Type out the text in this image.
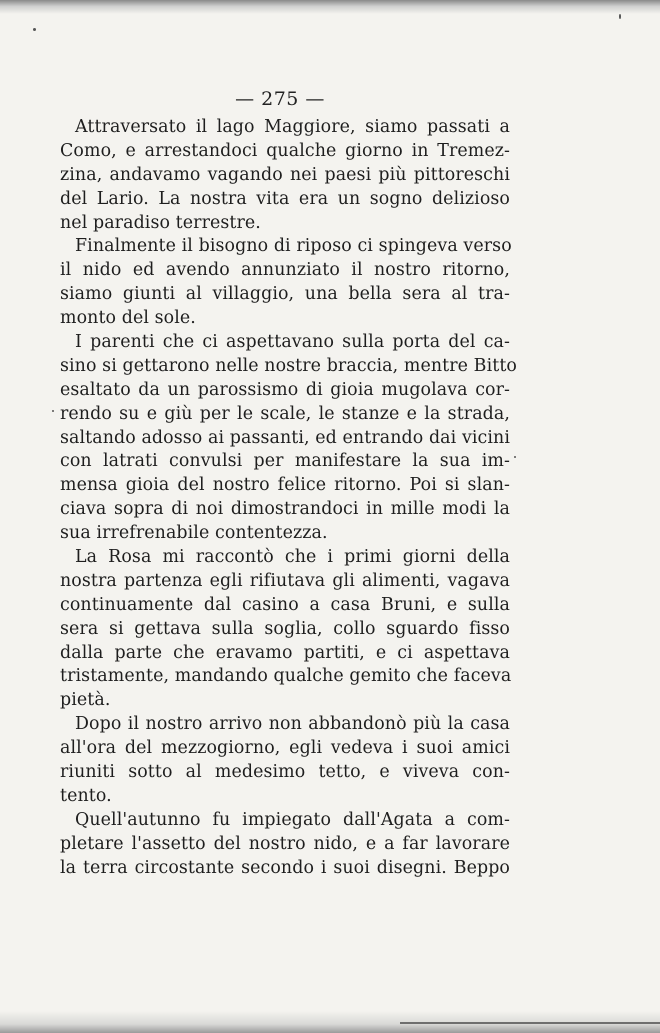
— 275 —
Attraversato il lago Maggiore, siamo passati a
Como, e arrestandoci qualche giorno in Tremez-
zina, andavamo vagando nei paesi più pittoreschi
del Lario. La nostra vita era un sogno delizioso
nel paradiso terrestre.
Finalmente il bisogno di riposo ci spingeva verso
il nido ed avendo annunziato il nostro ritorno,
siamo giunti al villaggio, una bella sera al tra-
monto del sole.
I parenti che ci aspettavano sulla porta del ca-
sino si gettarono nelle nostre braccia, mentre Bitto
esaltato da un parossismo di gioia mugolava cor-
rendo su e giù per le scale, le stanze e la strada,
saltando adosso ai passanti, ed entrando dai vicini
con latrati convulsi per manifestare la sua im-
mensa gioia del nostro felice ritorno. Poi si slan-
ciava sopra di noi dimostrandoci in mille modi la
sua irrefrenabile contentezza.
La Rosa mi raccontò che i primi giorni della
nostra partenza egli rifiutava gli alimenti, vagava
continuamente dal casino a casa Bruni, e sulla
sera si gettava sulla soglia, collo sguardo fisso
dalla parte che eravamo partiti, e ci aspettava
tristamente, mandando qualche gemito che faceva
pietà.
Dopo il nostro arrivo non abbandonò più la casa
all'ora del mezzogiorno, egli vedeva i suoi amici
riuniti sotto al medesimo tetto, e viveva con-
tento.
Quell'autunno fu impiegato dall'Agata a com-
pletare l'assetto del nostro nido, e a far lavorare
la terra circostante secondo i suoi disegni. Beppo
